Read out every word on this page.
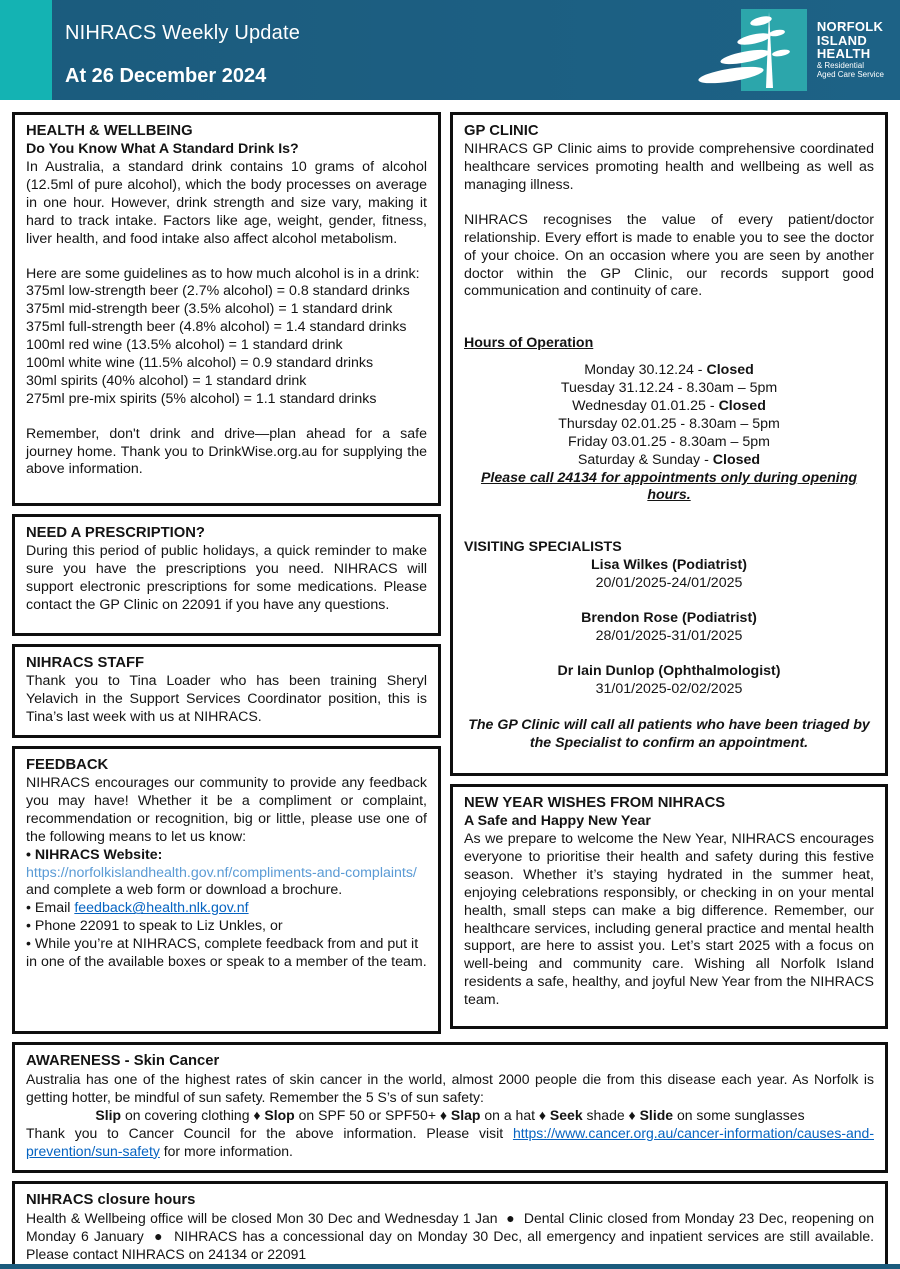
NIHRACS Weekly Update
At 26 December 2024
NORFOLK
ISLAND
HEALTH
& Residential
Aged Care Service
HEALTH & WELLBEING
Do You Know What A Standard Drink Is?

In Australia, a standard drink contains 10 grams of alcohol (12.5ml of pure alcohol), which the body processes on average in one hour. However, drink strength and size vary, making it hard to track intake. Factors like age, weight, gender, fitness, liver health, and food intake also affect alcohol metabolism.

Here are some guidelines as to how much alcohol is in a drink:
375ml low-strength beer (2.7% alcohol) = 0.8 standard drinks
375ml mid-strength beer (3.5% alcohol) = 1 standard drink
375ml full-strength beer (4.8% alcohol) = 1.4 standard drinks
100ml red wine (13.5% alcohol) = 1 standard drink
100ml white wine (11.5% alcohol) = 0.9 standard drinks
30ml spirits (40% alcohol) = 1 standard drink
275ml pre-mix spirits (5% alcohol) = 1.1 standard drinks

Remember, don't drink and drive—plan ahead for a safe journey home. Thank you to DrinkWise.org.au for supplying the above information.

NEED A PRESCRIPTION?

During this period of public holidays, a quick reminder to make sure you have the prescriptions you need. NIHRACS will support electronic prescriptions for some medications. Please contact the GP Clinic on 22091 if you have any questions.

NIHRACS STAFF

Thank you to Tina Loader who has been training Sheryl Yelavich in the Support Services Coordinator position, this is Tina’s last week with us at NIHRACS.

FEEDBACK

NIHRACS encourages our community to provide any feedback you may have! Whether it be a compliment or complaint, recommendation or recognition, big or little, please use one of the following means to let us know:

• NIHRACS Website:
https://norfolkislandhealth.gov.nf/compliments-and-complaints/ and complete a web form or download a brochure.
• Email feedback@health.nlk.gov.nf
• Phone 22091 to speak to Liz Unkles, or
• While you’re at NIHRACS, complete feedback from and put it in one of the available boxes or speak to a member of the team.
GP CLINIC

NIHRACS GP Clinic aims to provide comprehensive coordinated healthcare services promoting health and wellbeing as well as managing illness.

NIHRACS recognises the value of every patient/doctor relationship. Every effort is made to enable you to see the doctor of your choice. On an occasion where you are seen by another doctor within the GP Clinic, our records support good communication and continuity of care.

Hours of Operation
Monday 30.12.24 - Closed
Tuesday 31.12.24 - 8.30am – 5pm
Wednesday 01.01.25 - Closed
Thursday 02.01.25 - 8.30am – 5pm
Friday 03.01.25 - 8.30am – 5pm
Saturday & Sunday - Closed
Please call 24134 for appointments only during opening hours.
VISITING SPECIALISTS
Lisa Wilkes (Podiatrist)
20/01/2025-24/01/2025
Brendon Rose (Podiatrist)
28/01/2025-31/01/2025
Dr Iain Dunlop (Ophthalmologist)
31/01/2025-02/02/2025
The GP Clinic will call all patients who have been triaged by the Specialist to confirm an appointment.
NEW YEAR WISHES FROM NIHRACS
A Safe and Happy New Year

As we prepare to welcome the New Year, NIHRACS encourages everyone to prioritise their health and safety during this festive season. Whether it’s staying hydrated in the summer heat, enjoying celebrations responsibly, or checking in on your mental health, small steps can make a big difference. Remember, our healthcare services, including general practice and mental health support, are here to assist you. Let’s start 2025 with a focus on well-being and community care. Wishing all Norfolk Island residents a safe, healthy, and joyful New Year from the NIHRACS team.

AWARENESS - Skin Cancer

Australia has one of the highest rates of skin cancer in the world, almost 2000 people die from this disease each year. As Norfolk is getting hotter, be mindful of sun safety. Remember the 5 S’s of sun safety:

Slip on covering clothing ♦ Slop on SPF 50 or SPF50+ ♦ Slap on a hat ♦ Seek shade ♦ Slide on some sunglasses

Thank you to Cancer Council for the above information. Please visit https://www.cancer.org.au/cancer-information/causes-and-prevention/sun-safety for more information.

NIHRACS closure hours

Health & Wellbeing office will be closed Mon 30 Dec and Wednesday 1 Jan  ●  Dental Clinic closed from Monday 23 Dec, reopening on Monday 6 January  ●  NIHRACS has a concessional day on Monday 30 Dec, all emergency and inpatient services are still available. Please contact NIHRACS on 24134 or 22091
